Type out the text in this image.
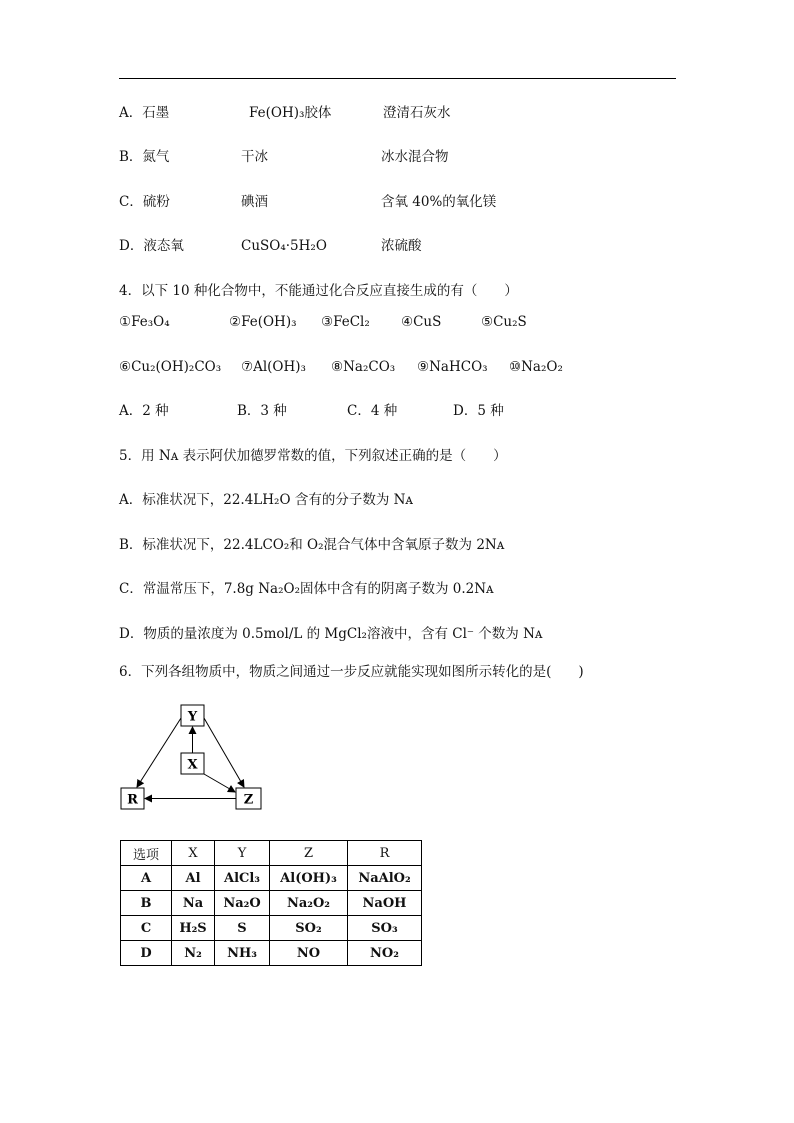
A．石墨	Fe(OH)₃胶体	澄清石灰水
B．氮气	干冰	冰水混合物
C．硫粉	碘酒	含氧 40%的氧化镁
D．液态氧	CuSO₄·5H₂O	浓硫酸
4．以下 10 种化合物中，不能通过化合反应直接生成的有（　　）
①Fe₃O₄	②Fe(OH)₃ ③FeCl₂ ④CuS	⑤Cu₂S
⑥Cu₂(OH)₂CO₃ ⑦Al(OH)₃ ⑧Na₂CO₃ ⑨NaHCO₃ ⑩Na₂O₂
A．2 种	B．3 种	C．4 种	D．5 种
5．用 Nᴀ 表示阿伏加德罗常数的值，下列叙述正确的是（　　）
A．标准状况下，22.4LH₂O 含有的分子数为 Nᴀ
B．标准状况下，22.4LCO₂和 O₂混合气体中含氧原子数为 2Nᴀ
C．常温常压下，7.8g Na₂O₂固体中含有的阴离子数为 0.2Nᴀ
D．物质的量浓度为 0.5mol/L 的 MgCl₂溶液中，含有 Cl⁻ 个数为 Nᴀ
6．下列各组物质中，物质之间通过一步反应就能实现如图所示转化的是(　　)
Y
X
R	Z
选项	X	Y	Z	R
A	Al	AlCl₃	Al(OH)₃	NaAlO₂
B	Na	Na₂O	Na₂O₂	NaOH
C	H₂S	S	SO₂	SO₃
D	N₂	NH₃	NO	NO₂
